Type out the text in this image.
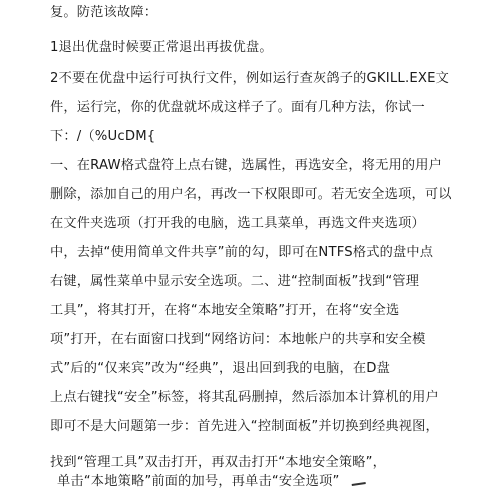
复。防范该故障：
1退出优盘时候要正常退出再拔优盘。
2不要在优盘中运行可执行文件，例如运行查灰鸽子的GKILL.EXE文
件，运行完，你的优盘就坏成这样子了。面有几种方法，你试一
下：/（%UcDM{
一、在RAW格式盘符上点右键，选属性，再选安全，将无用的用户
删除，添加自己的用户名，再改一下权限即可。若无安全选项，可以
在文件夹选项（打开我的电脑，选工具菜单，再选文件夹选项）
中，去掉“使用简单文件共享”前的勾，即可在NTFS格式的盘中点
右键，属性菜单中显示安全选项。二、进“控制面板”找到“管理
工具”，将其打开，在将“本地安全策略”打开，在将“安全选
项”打开，在右面窗口找到“网络访问：本地帐户的共享和安全模
式”后的“仅来宾”改为“经典”，退出回到我的电脑，在D盘
上点右键找“安全”标签，将其乱码删掉，然后添加本计算机的用户
即可不是大问题第一步：首先进入“控制面板”并切换到经典视图，
找到“管理工具”双击打开，再双击打开“本地安全策略”，
单击“本地策略”前面的加号，再单击“安全选项”
